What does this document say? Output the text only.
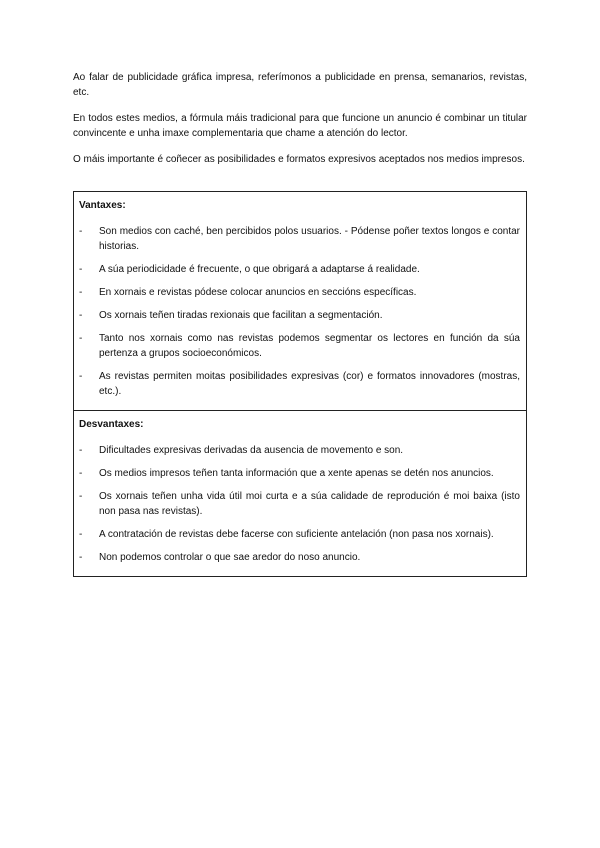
Ao falar de publicidade gráfica impresa, referímonos a publicidade en prensa, semanarios, revistas, etc.

En todos estes medios, a fórmula máis tradicional para que funcione un anuncio é combinar un titular convincente e unha imaxe complementaria que chame a atención do lector.

O máis importante é coñecer as posibilidades e formatos expresivos aceptados nos medios impresos.

Vantaxes:
-	Son medios con caché, ben percibidos polos usuarios. - Pódense poñer textos longos e contar historias.
-	A súa periodicidade é frecuente, o que obrigará a adaptarse á realidade.
-	En xornais e revistas pódese colocar anuncios en seccións específicas.
-	Os xornais teñen tiradas rexionais que facilitan a segmentación.
-	Tanto nos xornais como nas revistas podemos segmentar os lectores en función da súa pertenza a grupos socioeconómicos.
-	As revistas permiten moitas posibilidades expresivas (cor) e formatos innovadores (mostras, etc.).
Desvantaxes:
-	Dificultades expresivas derivadas da ausencia de movemento e son.
-	Os medios impresos teñen tanta información que a xente apenas se detén nos anuncios.
-	Os xornais teñen unha vida útil moi curta e a súa calidade de reprodución é moi baixa (isto non pasa nas revistas).
-	A contratación de revistas debe facerse con suficiente antelación (non pasa nos xornais).
-	Non podemos controlar o que sae aredor do noso anuncio.
